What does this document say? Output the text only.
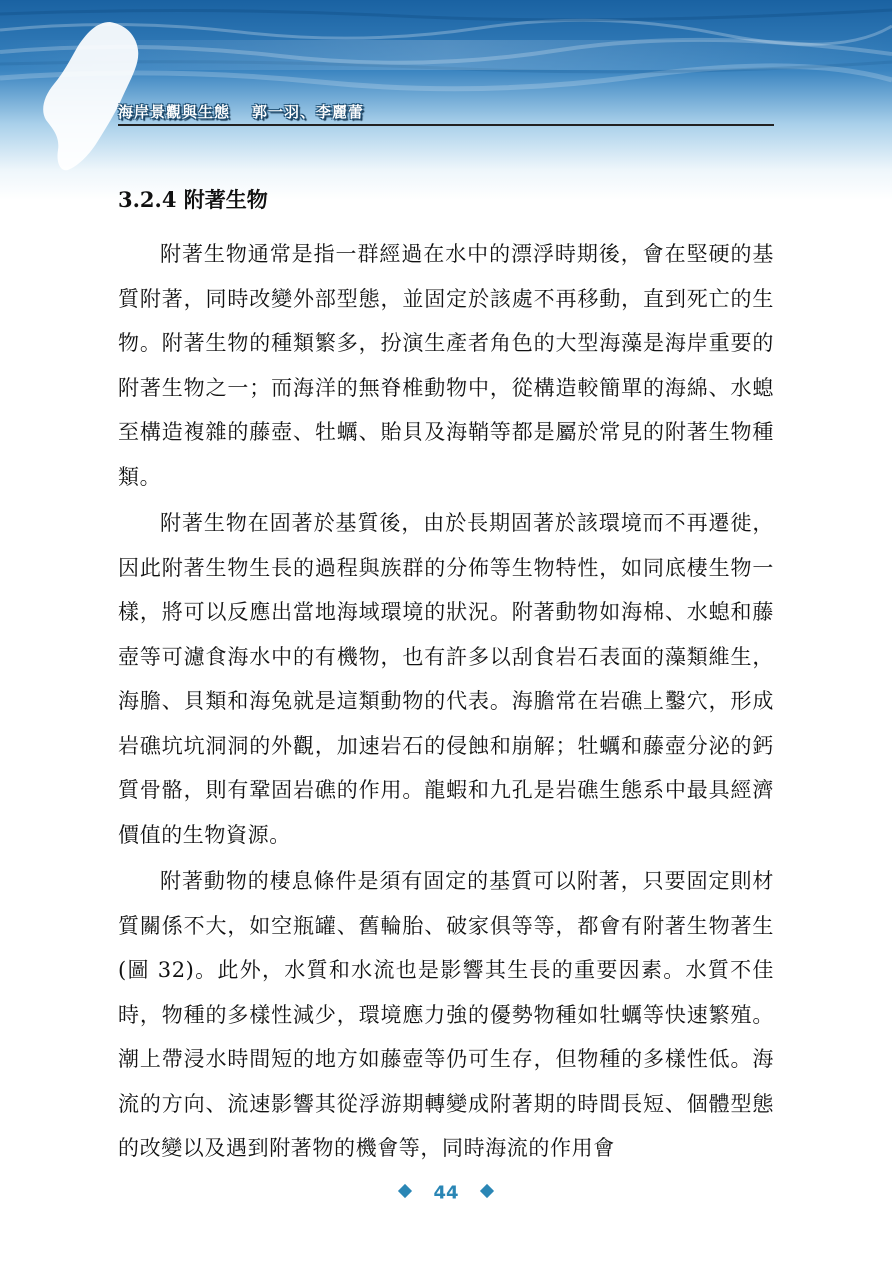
海岸景觀與生態 郭一羽、李麗蕾
3.2.4 附著生物

附著生物通常是指一群經過在水中的漂浮時期後，會在堅硬的基質附著，同時改變外部型態，並固定於該處不再移動，直到死亡的生物。附著生物的種類繁多，扮演生產者角色的大型海藻是海岸重要的附著生物之一；而海洋的無脊椎動物中，從構造較簡單的海綿、水螅至構造複雜的藤壺、牡蠣、貽貝及海鞘等都是屬於常見的附著生物種類。

附著生物在固著於基質後，由於長期固著於該環境而不再遷徙，因此附著生物生長的過程與族群的分佈等生物特性，如同底棲生物一樣，將可以反應出當地海域環境的狀況。附著動物如海棉、水螅和藤壺等可濾食海水中的有機物，也有許多以刮食岩石表面的藻類維生，海膽、貝類和海兔就是這類動物的代表。海膽常在岩礁上鑿穴，形成岩礁坑坑洞洞的外觀，加速岩石的侵蝕和崩解；牡蠣和藤壺分泌的鈣質骨骼，則有鞏固岩礁的作用。龍蝦和九孔是岩礁生態系中最具經濟價值的生物資源。

附著動物的棲息條件是須有固定的基質可以附著，只要固定則材質關係不大，如空瓶罐、舊輪胎、破家俱等等，都會有附著生物著生 (圖 32)。此外，水質和水流也是影響其生長的重要因素。水質不佳時，物種的多樣性減少，環境應力強的優勢物種如牡蠣等快速繁殖。潮上帶浸水時間短的地方如藤壺等仍可生存，但物種的多樣性低。海流的方向、流速影響其從浮游期轉變成附著期的時間長短、個體型態的改變以及遇到附著物的機會等，同時海流的作用會

44
